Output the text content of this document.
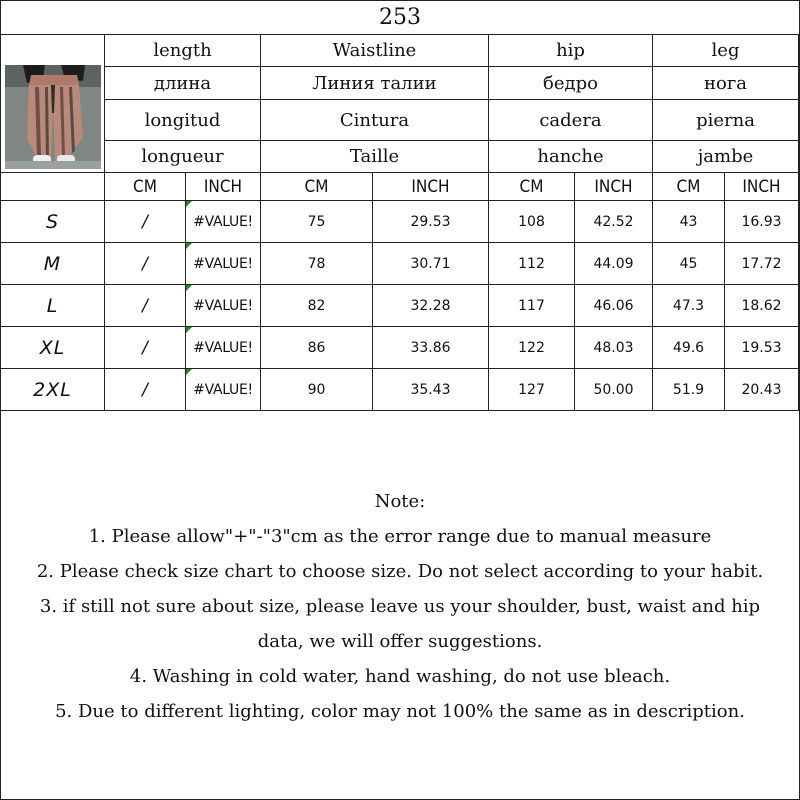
253
	length		Waistline		hip		leg	
	длина		Линия талии		бедро		нога	
	longitud		Cintura		cadera		pierna	
	longueur		Taille		hanche		jambe	
	CM	INCH	CM	INCH	CM	INCH	CM	INCH
S	/	#VALUE!	75	29.53	108	42.52	43	16.93
M	/	#VALUE!	78	30.71	112	44.09	45	17.72
L	/	#VALUE!	82	32.28	117	46.06	47.3	18.62
XL	/	#VALUE!	86	33.86	122	48.03	49.6	19.53
2XL	/	#VALUE!	90	35.43	127	50.00	51.9	20.43
Note:
1. Please allow"+"-"3"cm as the error range due to manual measure
2. Please check size chart to choose size. Do not select according to your habit.
3. if still not sure about size, please leave us your shoulder, bust, waist and hip
data, we will offer suggestions.
4. Washing in cold water, hand washing, do not use bleach.
5. Due to different lighting, color may not 100% the same as in description.
